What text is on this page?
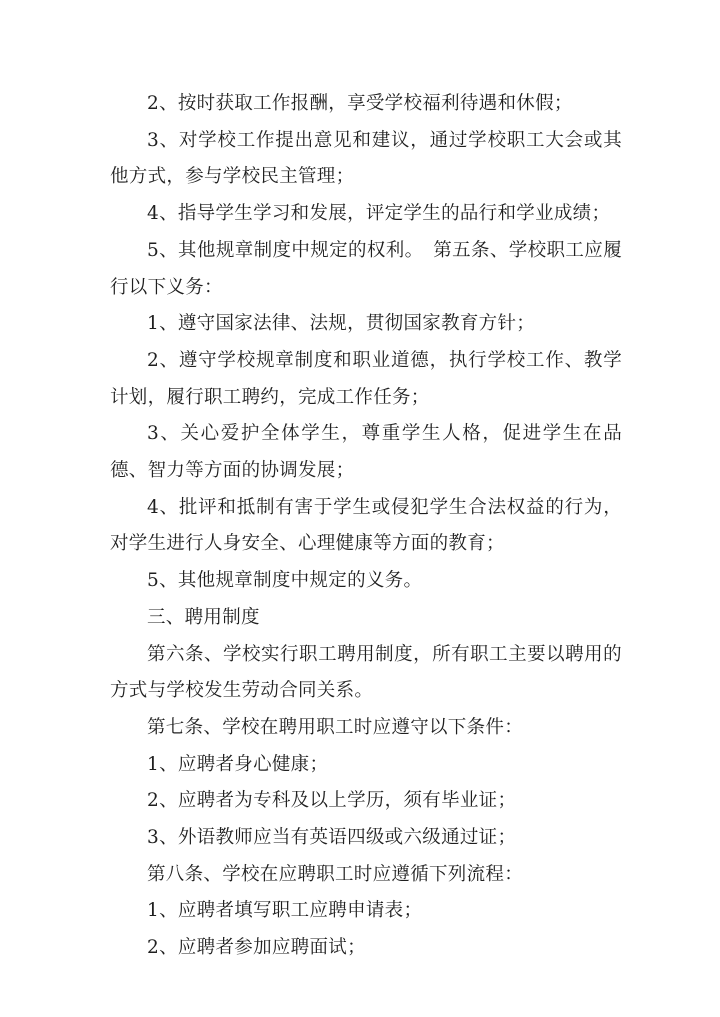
2、按时获取工作报酬，享受学校福利待遇和休假；

3、对学校工作提出意见和建议，通过学校职工大会或其他方式，参与学校民主管理；

4、指导学生学习和发展，评定学生的品行和学业成绩；

5、其他规章制度中规定的权利。　第五条、学校职工应履行以下义务：

1、遵守国家法律、法规，贯彻国家教育方针；

2、遵守学校规章制度和职业道德，执行学校工作、教学计划，履行职工聘约，完成工作任务；

3、关心爱护全体学生，尊重学生人格，促进学生在品德、智力等方面的协调发展；

4、批评和抵制有害于学生或侵犯学生合法权益的行为，对学生进行人身安全、心理健康等方面的教育；

5、其他规章制度中规定的义务。

三、聘用制度

第六条、学校实行职工聘用制度，所有职工主要以聘用的方式与学校发生劳动合同关系。

第七条、学校在聘用职工时应遵守以下条件：

1、应聘者身心健康；

2、应聘者为专科及以上学历，须有毕业证；

3、外语教师应当有英语四级或六级通过证；

第八条、学校在应聘职工时应遵循下列流程：

1、应聘者填写职工应聘申请表；

2、应聘者参加应聘面试；
